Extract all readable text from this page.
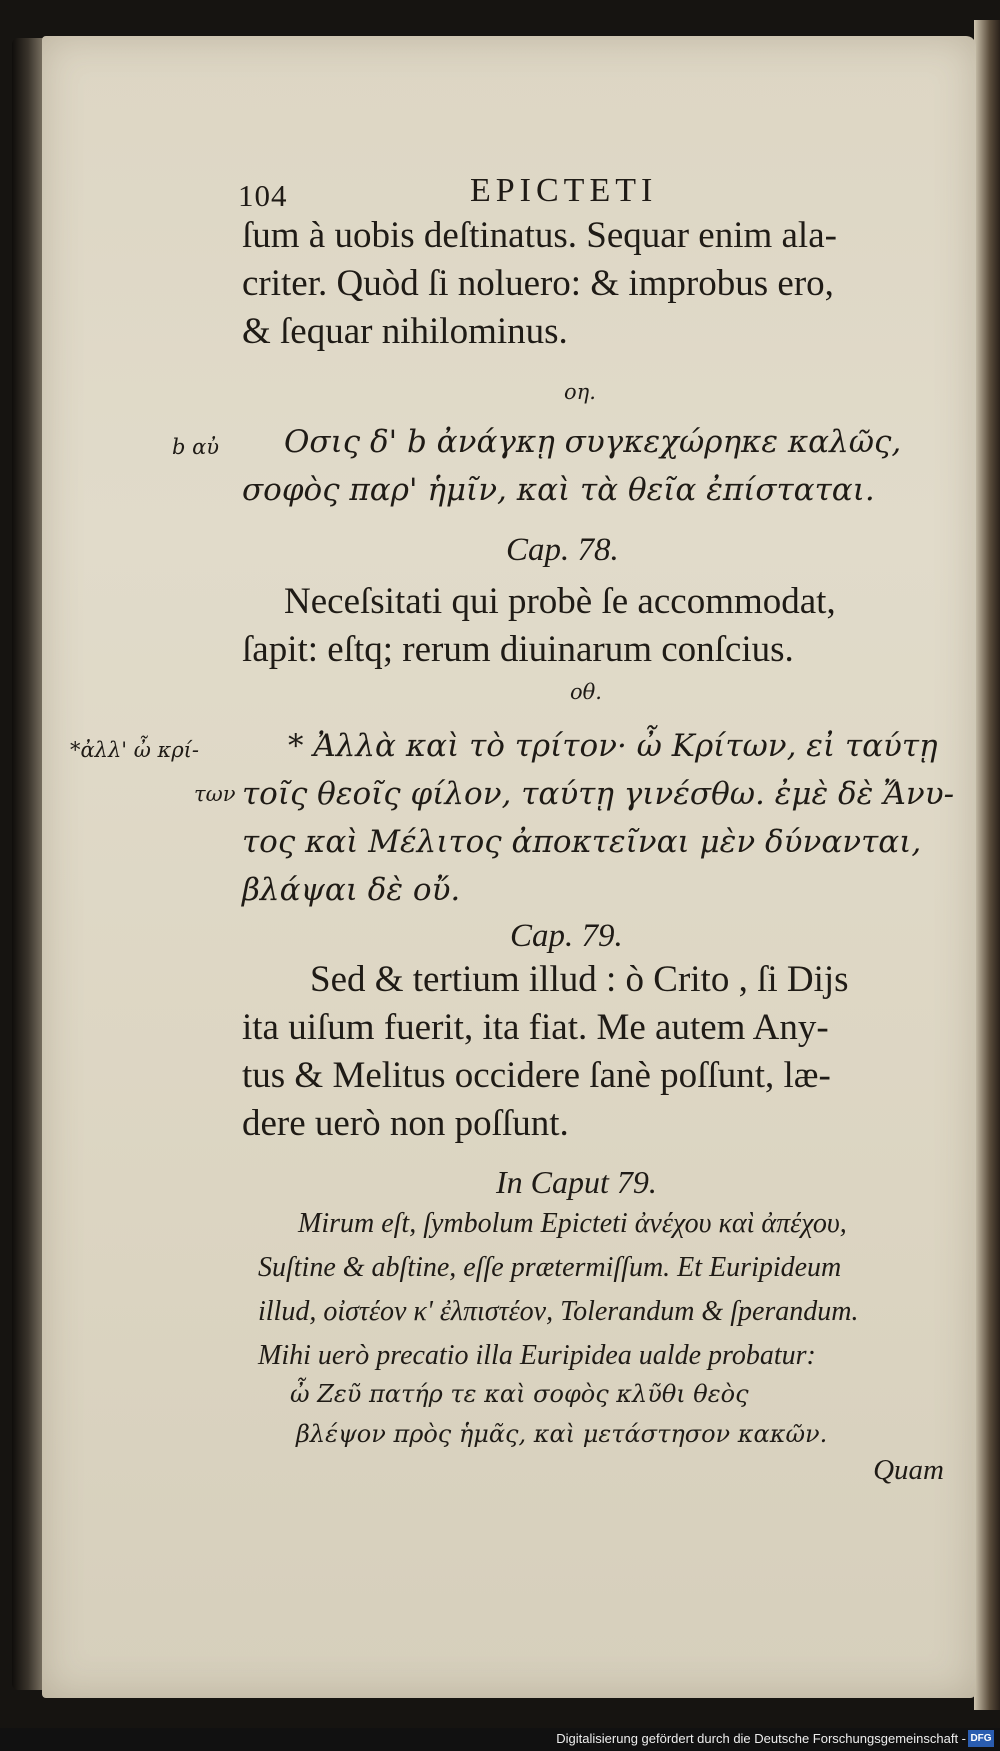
104	EPICTETI
ſum à uobis deſtinatus. Sequar enim ala-
criter. Quòd ſi noluero: & improbus ero,
& ſequar nihilominus.
οη.
b αὐ Οσις δ' b ἀνάγκῃ συγκεχώρηκε καλῶς,
σοφὸς παρ' ἡμῖν, καὶ τὰ θεῖα ἐπίσταται.
Cap. 78.
Neceſsitati qui probè ſe accommodat,
ſapit: eſtq; rerum diuinarum conſcius.
οθ.
*ἀλλ' ὦ κρί-
των
* Ἀλλὰ καὶ τὸ τρίτον· ὦ Κρίτων, εἰ ταύτῃ
τοῖς θεοῖς φίλον, ταύτῃ γινέσθω. ἐμὲ δὲ Ἄνυ-
τος καὶ Μέλιτος ἀποκτεῖναι μὲν δύνανται,
βλάψαι δὲ οὔ.
Cap. 79.
Sed & tertium illud : ò Crito , ſi Dijs
ita uiſum fuerit, ita fiat. Me autem Any-
tus & Melitus occidere ſanè poſſunt, læ-
dere uerò non poſſunt.
In Caput 79.
Mirum eſt, ſymbolum Epicteti ἀνέχου καὶ ἀπέχου,
Suſtine & abſtine, eſſe prætermiſſum. Et Euripideum
illud, οἰστέον κ' ἐλπιστέον, Tolerandum & ſperandum.
Mihi uerò precatio illa Euripidea ualde probatur:
ὦ Ζεῦ πατήρ τε καὶ σοφὸς κλῦθι θεὸς
βλέψον πρὸς ἡμᾶς, καὶ μετάστησον κακῶν.
Quam
Digitalisierung gefördert durch die Deutsche Forschungsgemeinschaft - DFG
